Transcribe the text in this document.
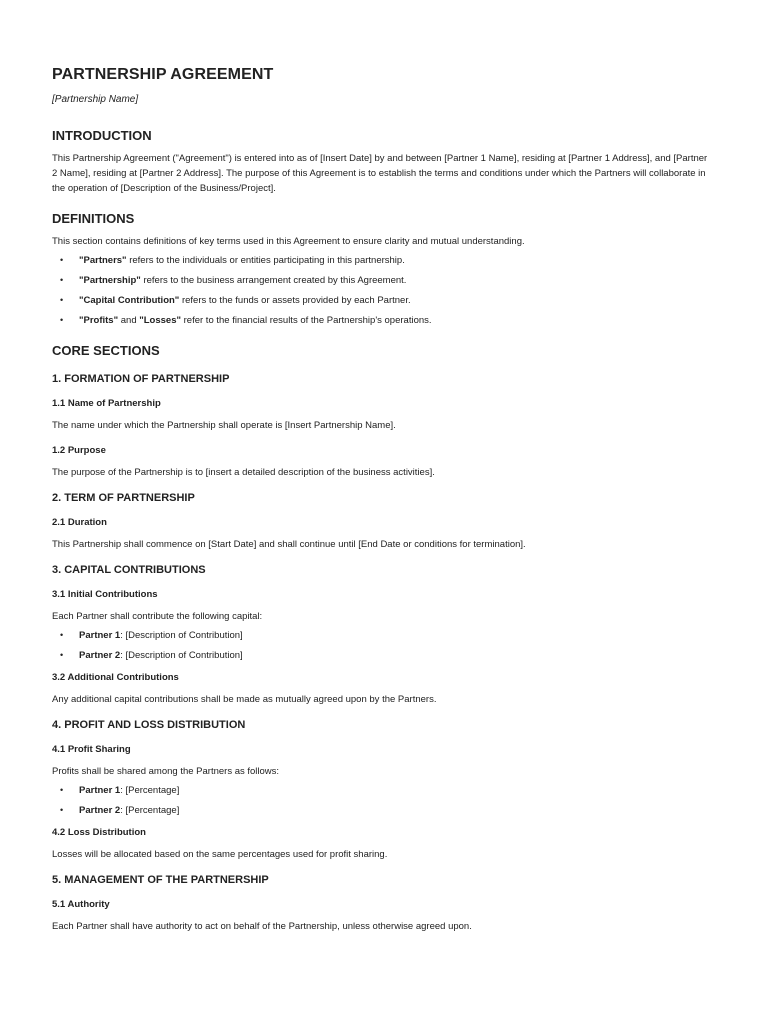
PARTNERSHIP AGREEMENT
[Partnership Name]
INTRODUCTION

This Partnership Agreement ("Agreement") is entered into as of [Insert Date] by and between [Partner 1 Name], residing at [Partner 1 Address], and [Partner 2 Name], residing at [Partner 2 Address]. The purpose of this Agreement is to establish the terms and conditions under which the Partners will collaborate in the operation of [Description of the Business/Project].

DEFINITIONS

This section contains definitions of key terms used in this Agreement to ensure clarity and mutual understanding.

• "Partners" refers to the individuals or entities participating in this partnership.
• "Partnership" refers to the business arrangement created by this Agreement.
• "Capital Contribution" refers to the funds or assets provided by each Partner.
• "Profits" and "Losses" refer to the financial results of the Partnership's operations.
CORE SECTIONS
1. FORMATION OF PARTNERSHIP
1.1 Name of Partnership

The name under which the Partnership shall operate is [Insert Partnership Name].

1.2 Purpose

The purpose of the Partnership is to [insert a detailed description of the business activities].

2. TERM OF PARTNERSHIP
2.1 Duration

This Partnership shall commence on [Start Date] and shall continue until [End Date or conditions for termination].

3. CAPITAL CONTRIBUTIONS
3.1 Initial Contributions

Each Partner shall contribute the following capital:

• Partner 1: [Description of Contribution]
• Partner 2: [Description of Contribution]
3.2 Additional Contributions

Any additional capital contributions shall be made as mutually agreed upon by the Partners.

4. PROFIT AND LOSS DISTRIBUTION
4.1 Profit Sharing

Profits shall be shared among the Partners as follows:

• Partner 1: [Percentage]
• Partner 2: [Percentage]
4.2 Loss Distribution

Losses will be allocated based on the same percentages used for profit sharing.

5. MANAGEMENT OF THE PARTNERSHIP
5.1 Authority

Each Partner shall have authority to act on behalf of the Partnership, unless otherwise agreed upon.
